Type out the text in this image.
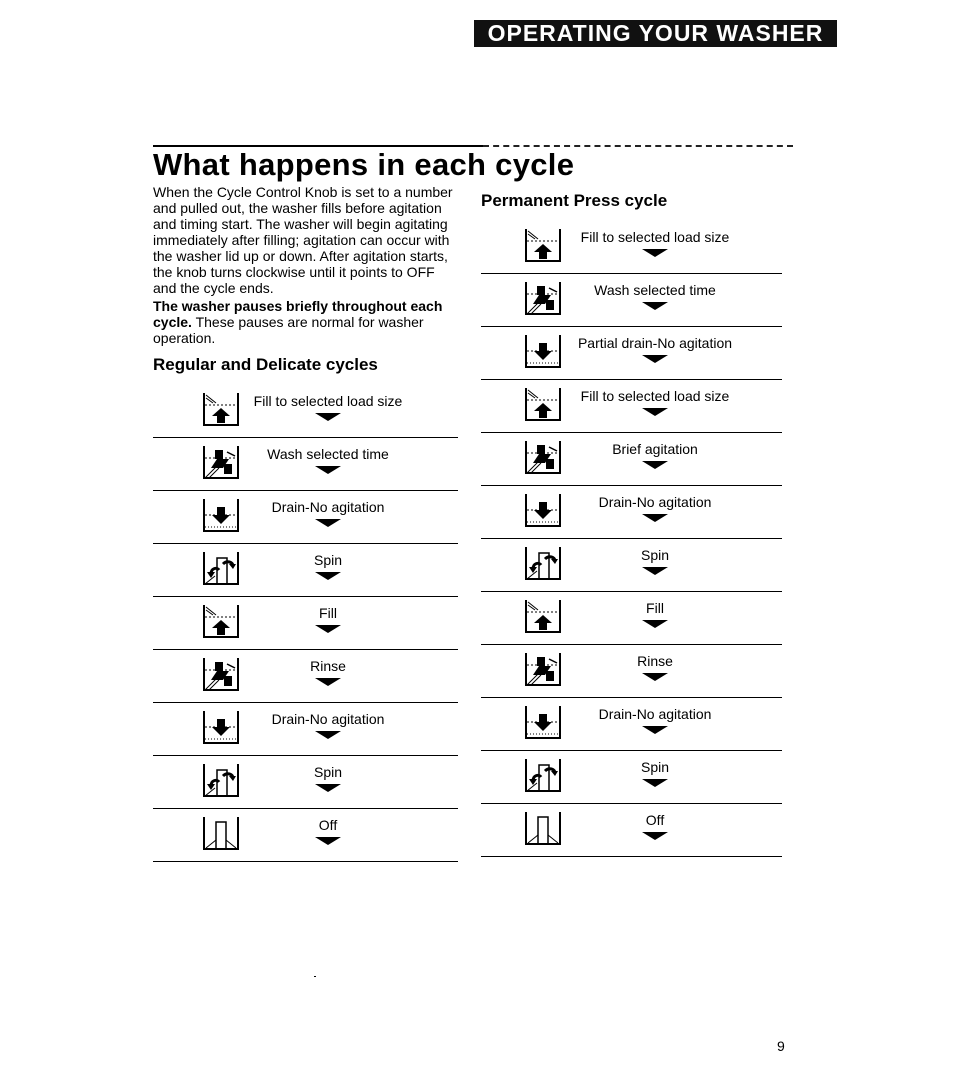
OPERATING YOUR WASHER
What happens in each cycle

When the Cycle Control Knob is set to a number and pulled out, the washer fills before agitation and timing start. The washer will begin agitating immediately after filling; agitation can occur with the washer lid up or down. After agitation starts, the knob turns clockwise until it points to OFF and the cycle ends.

The washer pauses briefly throughout each cycle. These pauses are normal for washer operation.

Regular and Delicate cycles
Permanent Press cycle
Fill to selected load size
Wash selected time
Drain-No agitation
Spin
Fill
Rinse
Drain-No agitation
Spin
Off
Fill to selected load size
Wash selected time
Partial drain-No agitation
Fill to selected load size
Brief agitation
Drain-No agitation
Spin
Fill
Rinse
Drain-No agitation
Spin
Off
9
